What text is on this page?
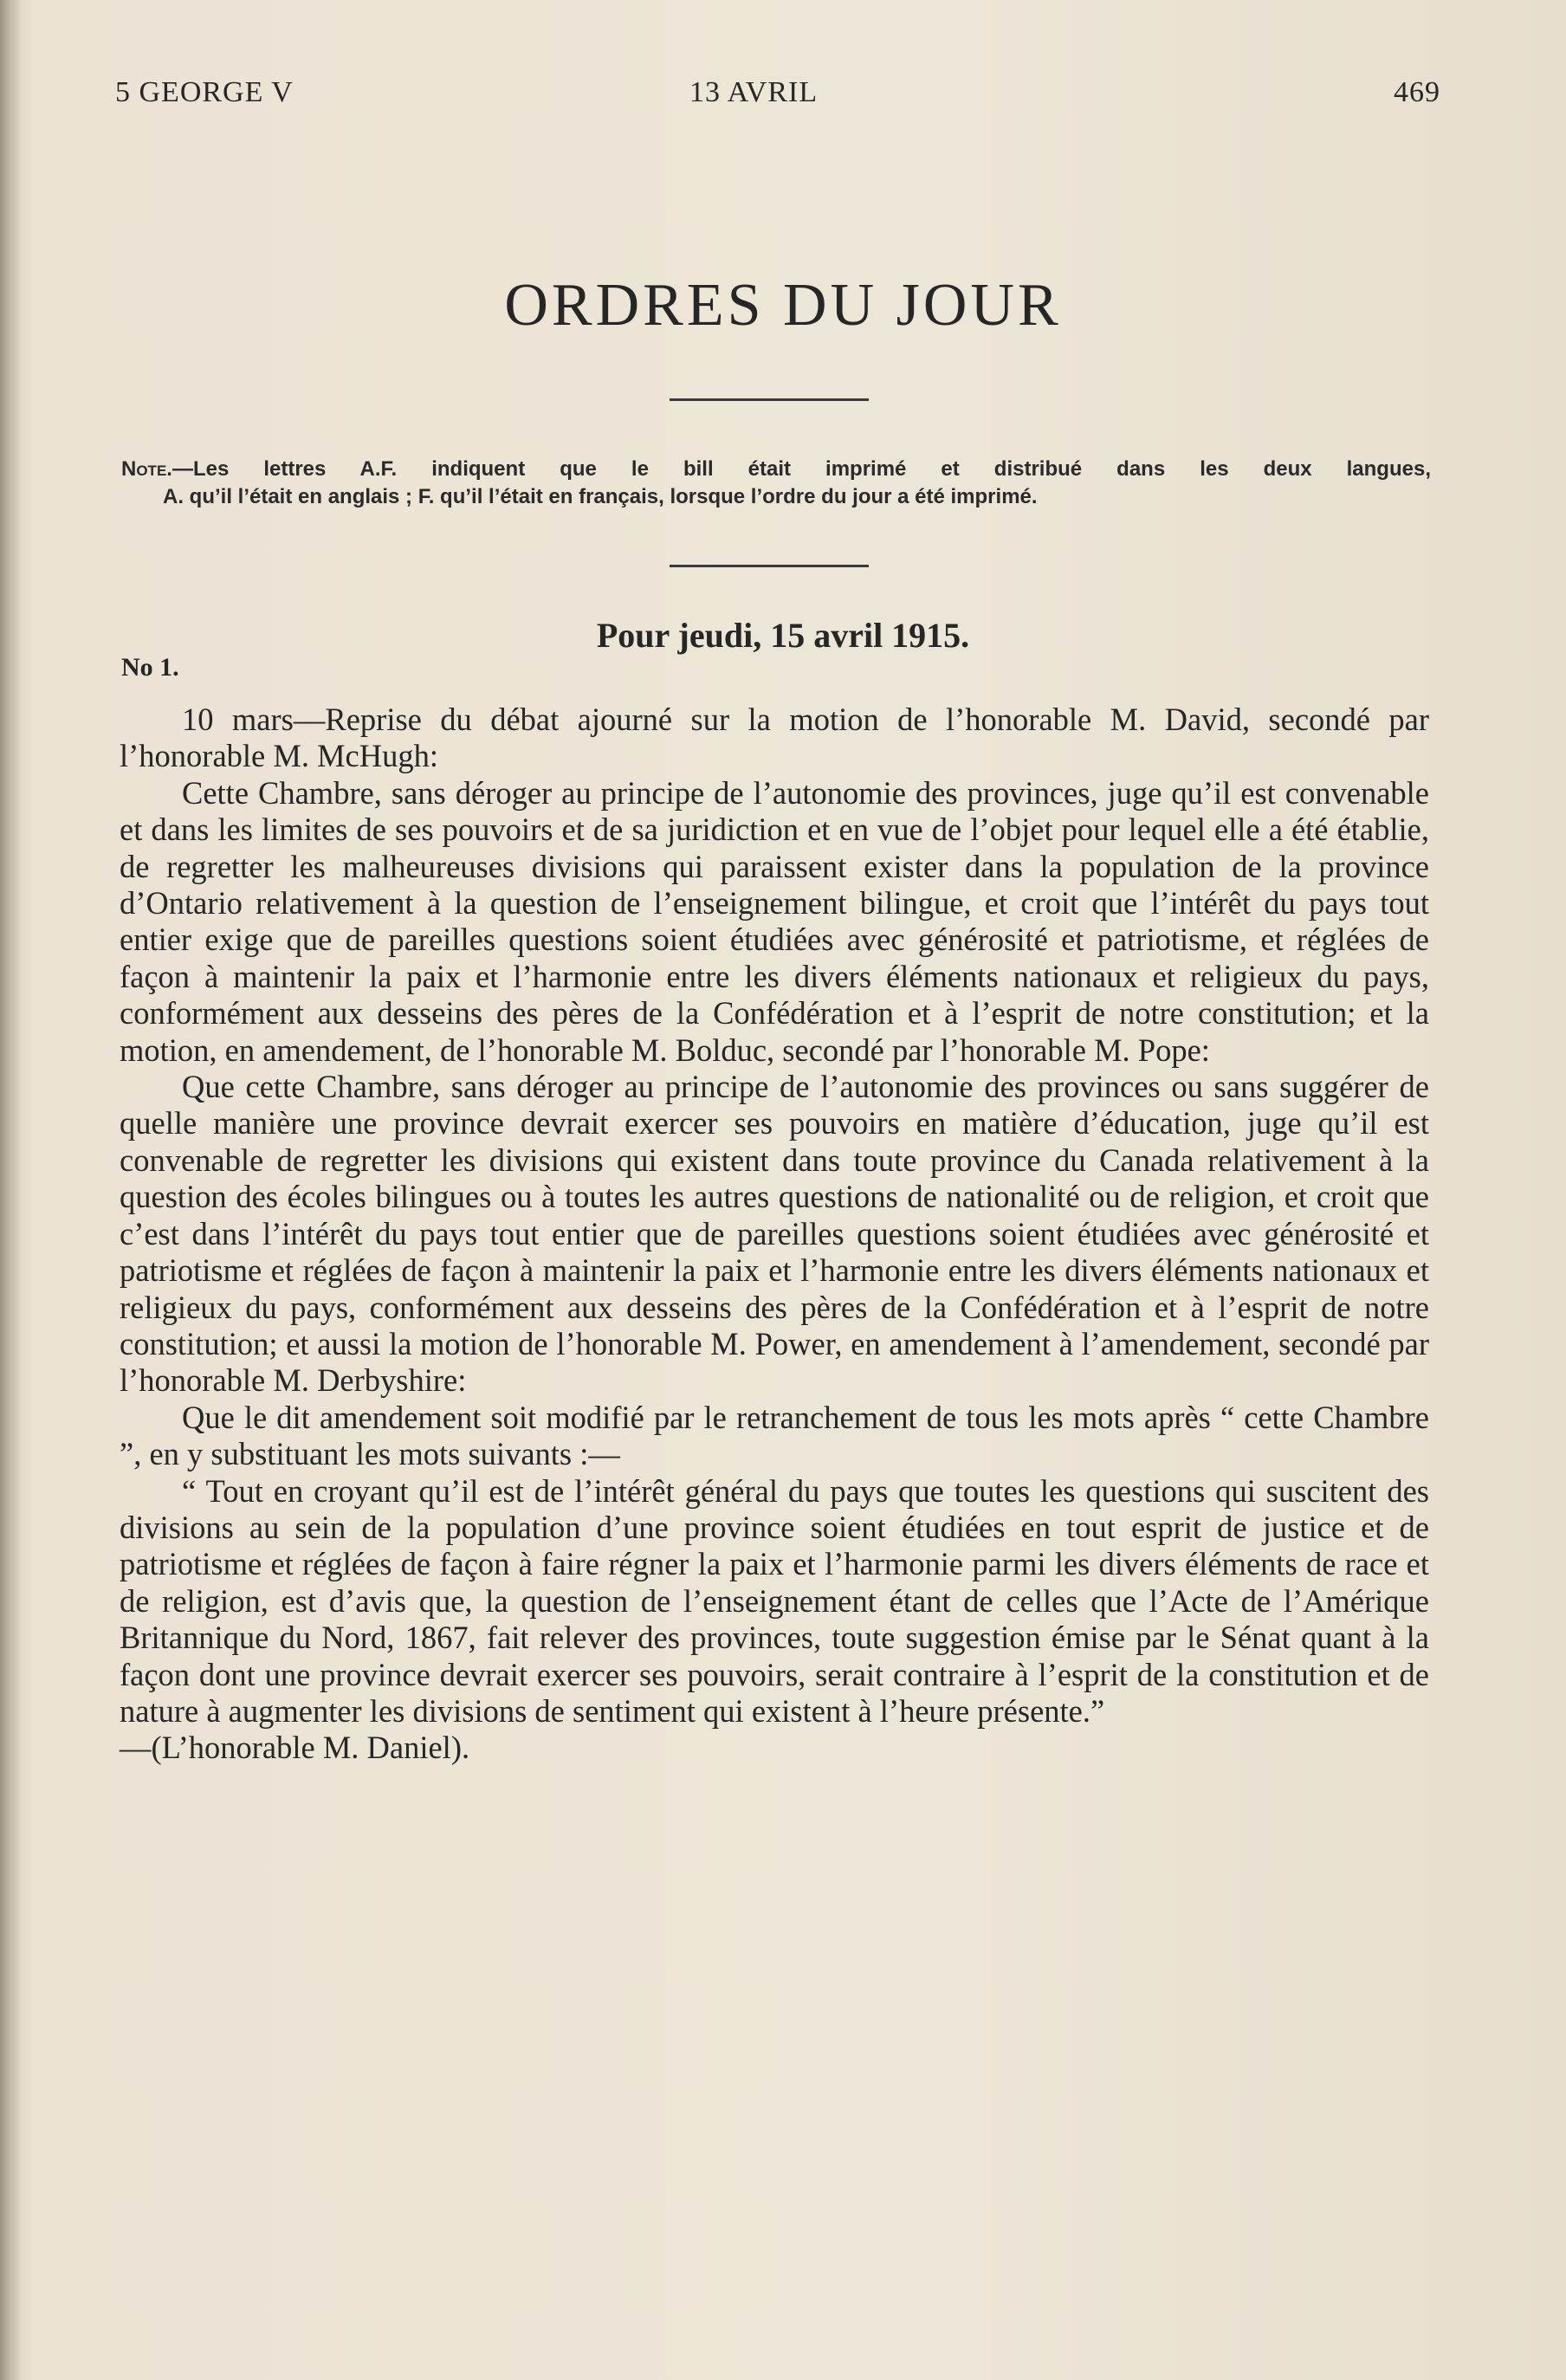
5 GEORGE V	13 AVRIL	469
ORDRES DU JOUR
Note.—Les lettres A.F. indiquent que le bill était imprimé et distribué dans les deux langues,
A. qu’il l’était en anglais ; F. qu’il l’était en français, lorsque l’ordre du jour a été imprimé.
Pour jeudi, 15 avril 1915.
No 1.

10 mars—Reprise du débat ajourné sur la motion de l’honorable M. David, secondé par l’honorable M. McHugh:

Cette Chambre, sans déroger au principe de l’autonomie des provinces, juge qu’il est convenable et dans les limites de ses pouvoirs et de sa juridiction et en vue de l’objet pour lequel elle a été établie, de regretter les malheureuses divisions qui paraissent exister dans la population de la province d’Ontario relativement à la question de l’enseignement bilingue, et croit que l’intérêt du pays tout entier exige que de pareilles questions soient étudiées avec générosité et patriotisme, et réglées de façon à maintenir la paix et l’harmonie entre les divers éléments nationaux et religieux du pays, conformément aux desseins des pères de la Confédération et à l’esprit de notre constitution; et la motion, en amendement, de l’honorable M. Bolduc, secondé par l’honorable M. Pope:

Que cette Chambre, sans déroger au principe de l’autonomie des provinces ou sans suggérer de quelle manière une province devrait exercer ses pouvoirs en matière d’éducation, juge qu’il est convenable de regretter les divisions qui existent dans toute province du Canada relativement à la question des écoles bilingues ou à toutes les autres questions de nationalité ou de religion, et croit que c’est dans l’intérêt du pays tout entier que de pareilles questions soient étudiées avec générosité et patriotisme et réglées de façon à maintenir la paix et l’harmonie entre les divers éléments nationaux et religieux du pays, conformément aux desseins des pères de la Confédération et à l’esprit de notre constitution; et aussi la motion de l’honorable M. Power, en amendement à l’amendement, secondé par l’honorable M. Derbyshire:

Que le dit amendement soit modifié par le retranchement de tous les mots après “ cette Chambre ”, en y substituant les mots suivants :—

“ Tout en croyant qu’il est de l’intérêt général du pays que toutes les questions qui suscitent des divisions au sein de la population d’une province soient étudiées en tout esprit de justice et de patriotisme et réglées de façon à faire régner la paix et l’harmonie parmi les divers éléments de race et de religion, est d’avis que, la question de l’enseignement étant de celles que l’Acte de l’Amérique Britannique du Nord, 1867, fait relever des provinces, toute suggestion émise par le Sénat quant à la façon dont une province devrait exercer ses pouvoirs, serait contraire à l’esprit de la constitution et de nature à augmenter les divisions de sentiment qui existent à l’heure présente.”

—(L’honorable M. Daniel).
